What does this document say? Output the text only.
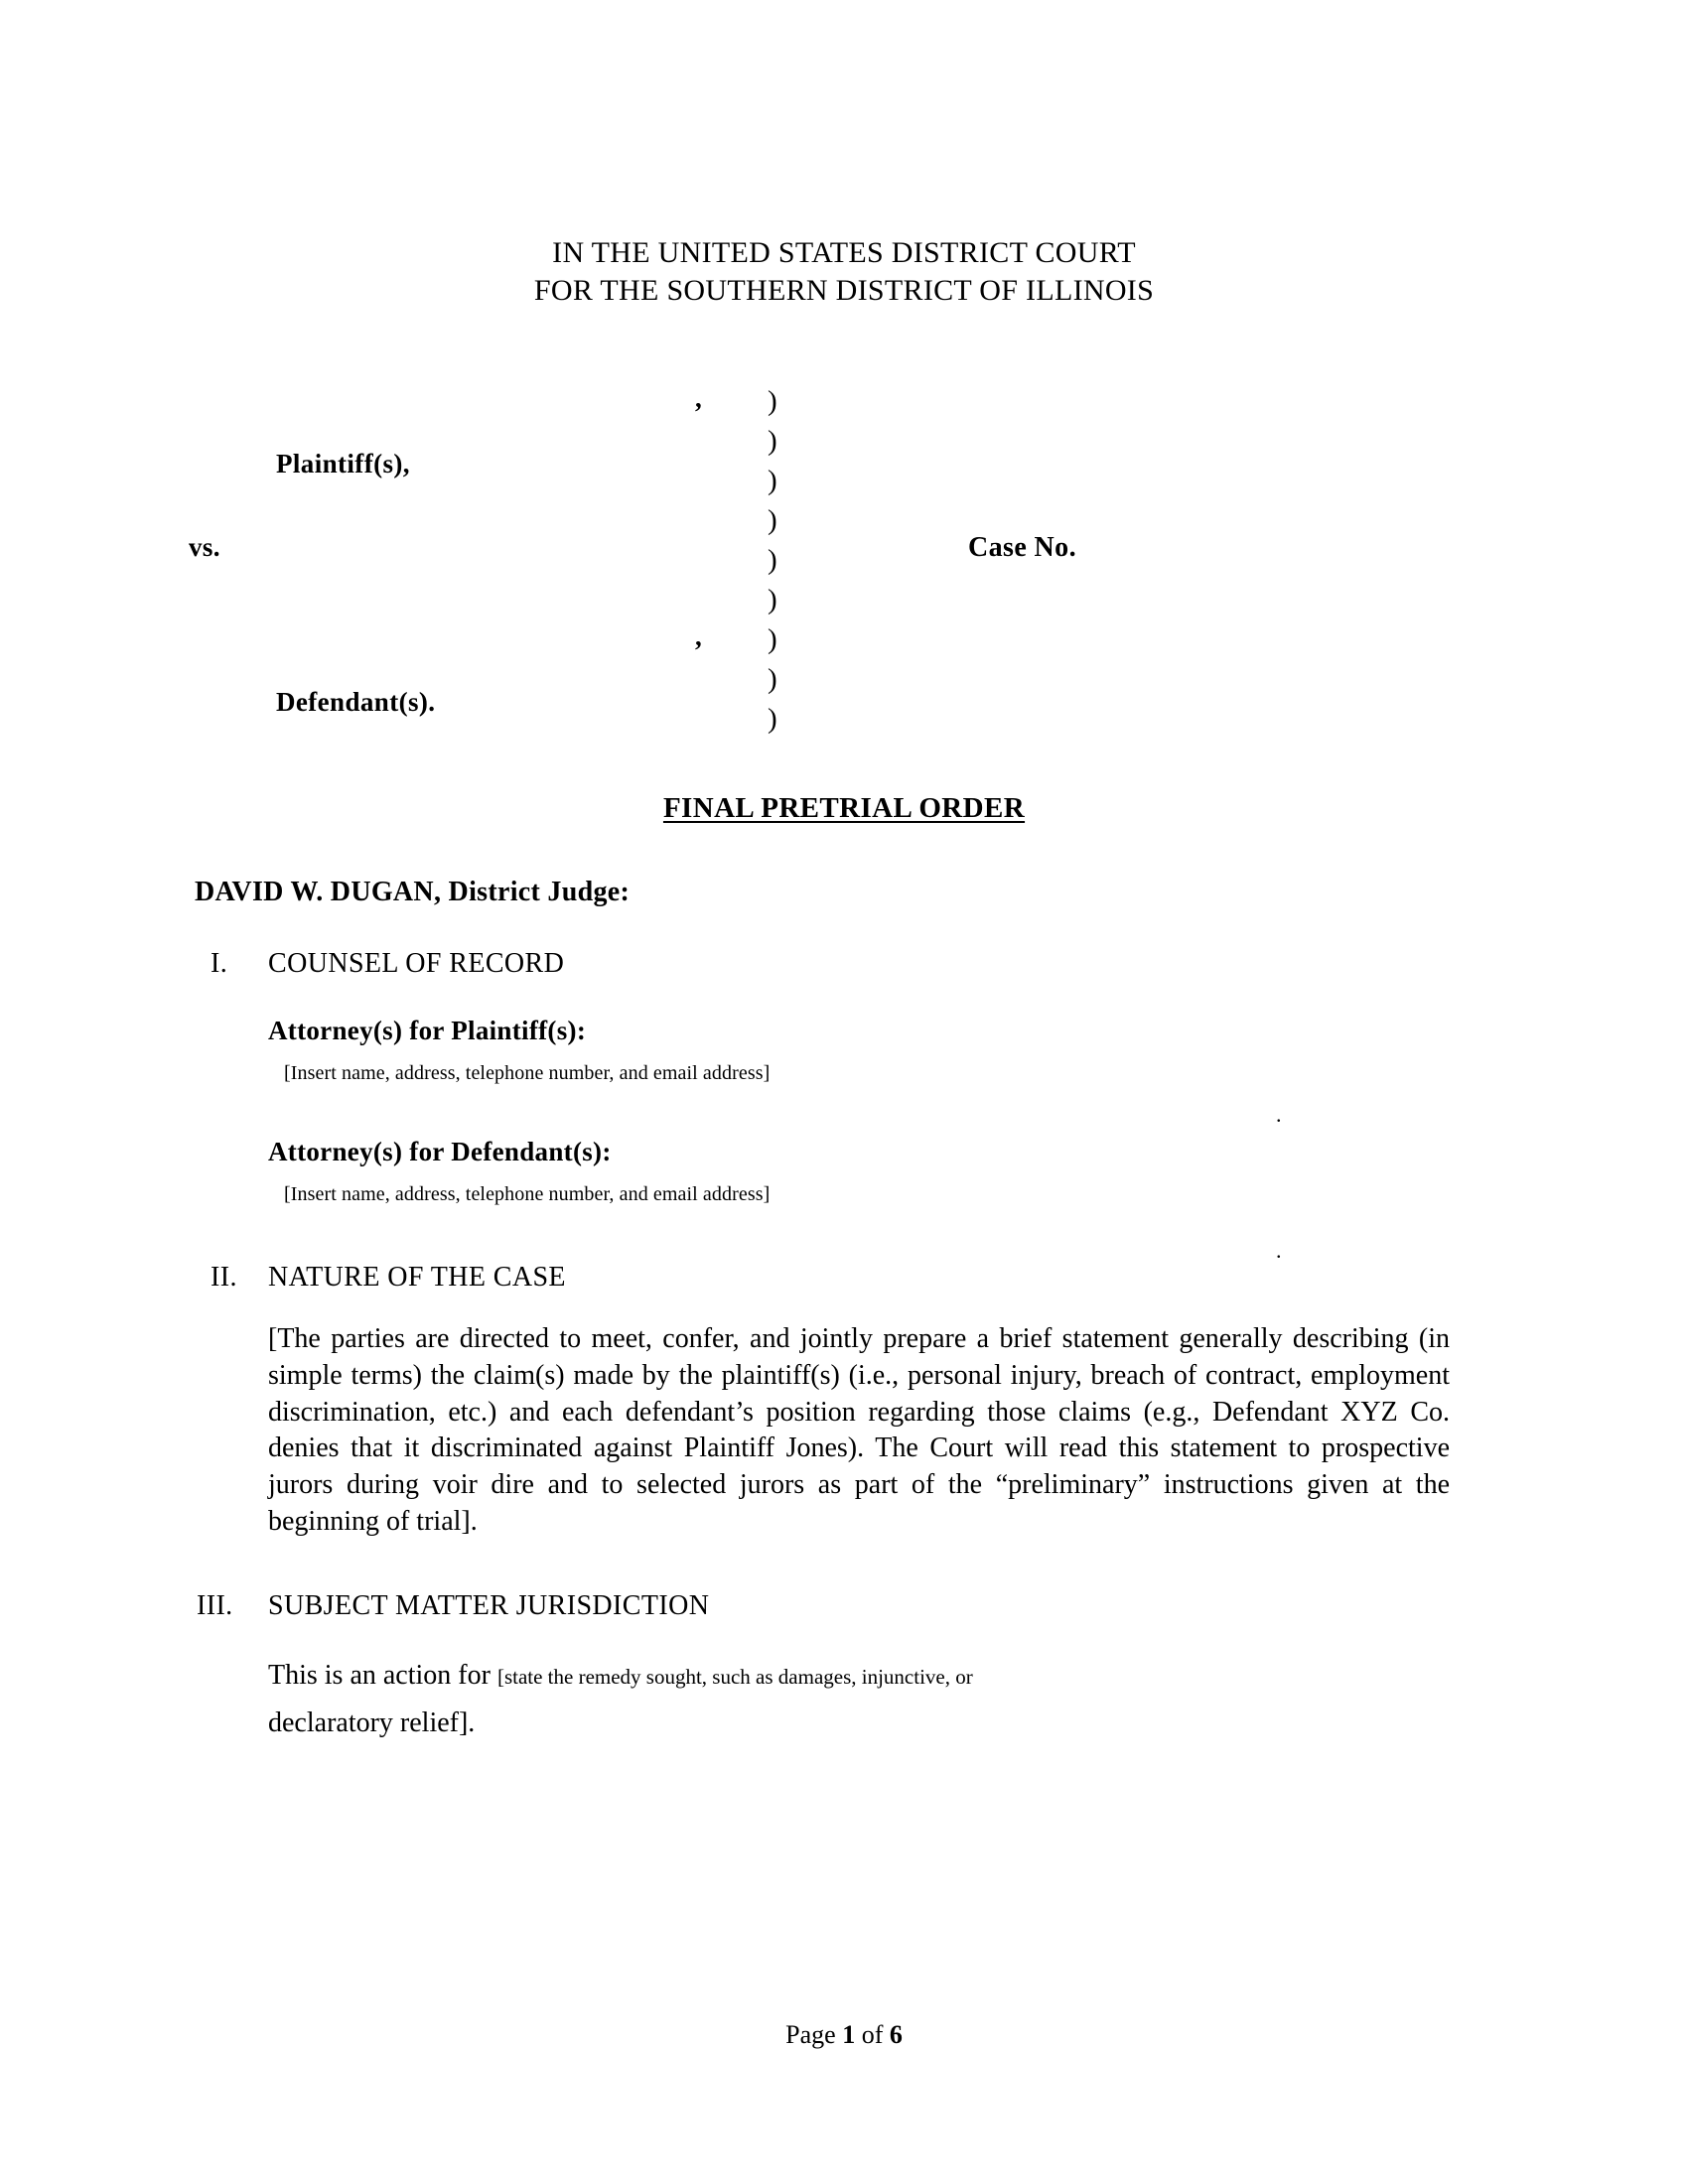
IN THE UNITED STATES DISTRICT COURT
FOR THE SOUTHERN DISTRICT OF ILLINOIS
,
Plaintiff(s),
vs.
,
Defendant(s).
)
)
)
)
)
)
)
)
)
Case No.
FINAL PRETRIAL ORDER
DAVID W. DUGAN, District Judge:
I. COUNSEL OF RECORD
Attorney(s) for Plaintiff(s):
[Insert name, address, telephone number, and email address]
.
Attorney(s) for Defendant(s):
[Insert name, address, telephone number, and email address]
.
II. NATURE OF THE CASE
[The parties are directed to meet, confer, and jointly prepare a brief statement generally describing (in simple terms) the claim(s) made by the plaintiff(s) (i.e., personal injury, breach of contract, employment discrimination, etc.) and each defendant’s position regarding those claims (e.g., Defendant XYZ Co. denies that it discriminated against Plaintiff Jones). The Court will read this statement to prospective jurors during voir dire and to selected jurors as part of the “preliminary” instructions given at the beginning of trial].
III. SUBJECT MATTER JURISDICTION
This is an action for [state the remedy sought, such as damages, injunctive, or
declaratory relief].
Page 1 of 6
